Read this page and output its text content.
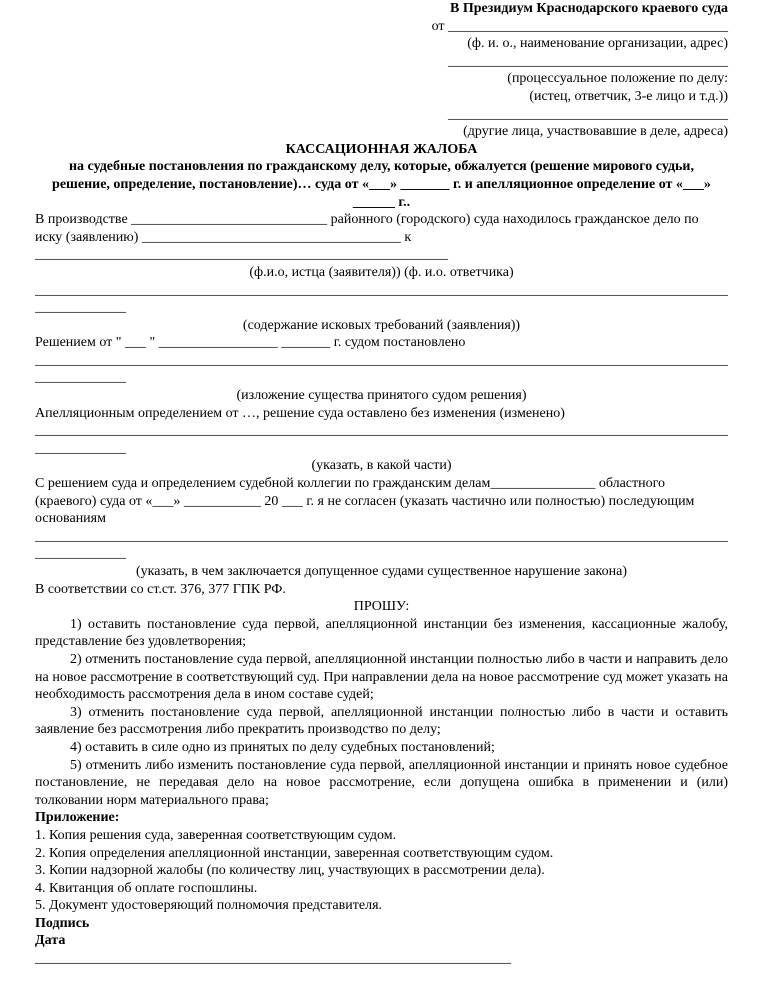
В Президиум Краснодарского краевого суда
от ________________________________________
(ф. и. о., наименование организации, адрес)
________________________________________
(процессуальное положение по делу:
(истец, ответчик, 3-е лицо и т.д.))
________________________________________
(другие лица, участвовавшие в деле, адреса)
КАССАЦИОННАЯ ЖАЛОБА
на судебные постановления по гражданскому делу, которые, обжалуется (решение мирового судьи, решение, определение, постановление)… суда от «___» _______ г. и апелляционное определение от «___» ______ г..
В производстве ____________________________ районного (городского) суда находилось гражданское дело по иску (заявлению) _____________________________________ к
___________________________________________________________
(ф.и.о, истца (заявителя)) (ф. и.о. ответчика)
___________________________________________________________________________________________________
_____________
(содержание исковых требований (заявления))
Решением от " ___ " _________________ _______ г. судом постановлено
___________________________________________________________________________________________________
_____________
(изложение существа принятого судом решения)
Апелляционным определением от …, решение суда оставлено без изменения (изменено)
___________________________________________________________________________________________________
_____________
(указать, в какой части)
С решением суда и определением судебной коллегии по гражданским делам_______________ областного (краевого) суда от «___» ___________ 20 ___ г. я не согласен (указать частично или полностью) последующим основаниям
___________________________________________________________________________________________________
_____________
(указать, в чем заключается допущенное судами существенное нарушение закона)
В соответствии со ст.ст. 376, 377 ГПК РФ.
ПРОШУ:
1) оставить постановление суда первой, апелляционной инстанции без изменения, кассационные жалобу, представление без удовлетворения;
2) отменить постановление суда первой, апелляционной инстанции полностью либо в части и направить дело на новое рассмотрение в соответствующий суд. При направлении дела на новое рассмотрение суд может указать на необходимость рассмотрения дела в ином составе судей;
3) отменить постановление суда первой, апелляционной инстанции полностью либо в части и оставить заявление без рассмотрения либо прекратить производство по делу;
4) оставить в силе одно из принятых по делу судебных постановлений;
5) отменить либо изменить постановление суда первой, апелляционной инстанции и принять новое судебное постановление, не передавая дело на новое рассмотрение, если допущена ошибка в применении и (или) толковании норм материального права;
Приложение:
1. Копия решения суда, заверенная соответствующим судом.
2. Копия определения апелляционной инстанции, заверенная соответствующим судом.
3. Копии надзорной жалобы (по количеству лиц, участвующих в рассмотрении дела).
4. Квитанция об оплате госпошлины.
5. Документ удостоверяющий полномочия представителя.
Подпись
Дата
____________________________________________________________________
